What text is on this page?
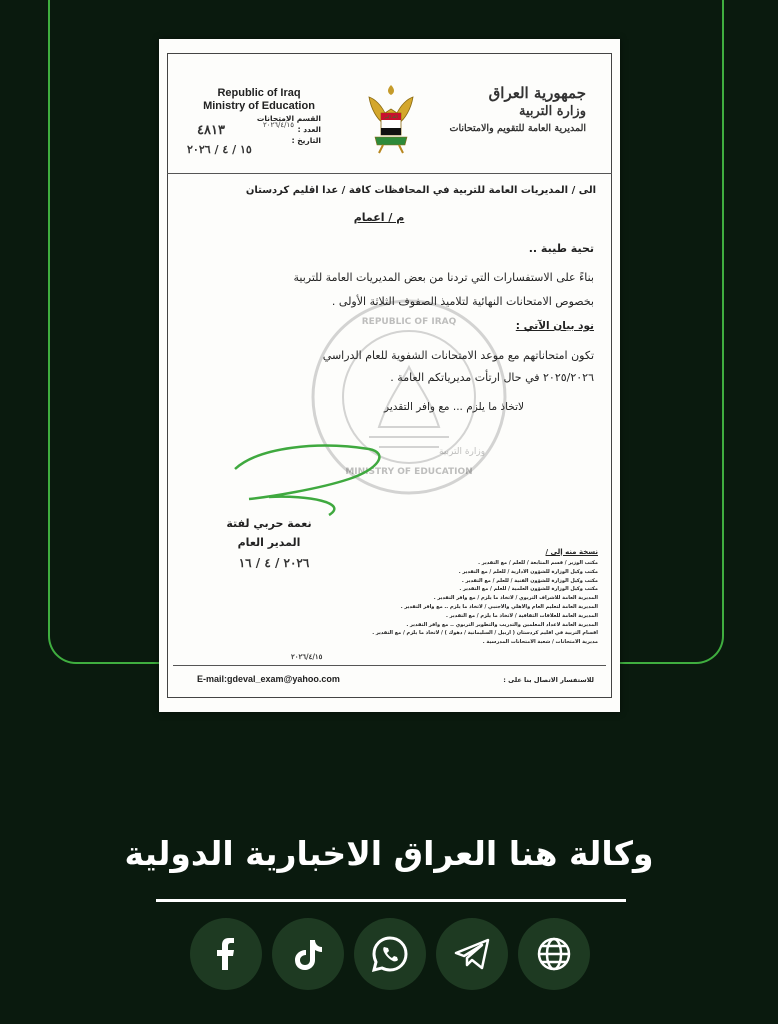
Republic of Iraq
Ministry of Education
القسم الامتحانات
العدد :
التاريخ :
٤٨١٣	٢٠٢٦/٤/١٥
١٥ / ٤ / ٢٠٢٦
الله اكبر
جمهورية العراق
وزارة التربية
المديرية العامة للتقويم والامتحانات
الى / المديريات العامة للتربية في المحافظات كافة / عدا اقليم كردستان
م / اعمام
تحية طيبة ..
بناءً على الاستفسارات التي تردنا من بعض المديريات العامة للتربية
بخصوص الامتحانات النهائية لتلاميذ الصفوف الثلاثة الأولى .
نود بيان الآتي :
تكون امتحاناتهم مع موعد الامتحانات الشفوية للعام الدراسي
٢٠٢٥/٢٠٢٦ في حال ارتأت مديرياتكم العامة .
لاتخاذ ما يلزم ... مع وافر التقدير
REPUBLIC OF IRAQ
MINISTRY OF EDUCATION
وزارة التربية
نعمة حربي لفتة
المدير العام
٢٠٢٦ / ٤ / ١٦
نسخة منه إلى /
مكتب الوزير / قسم المتابعة / للعلم / مع التقدير .
مكتب وكيل الوزارة للشؤون الادارية / للعلم / مع التقدير .
مكتب وكيل الوزارة للشؤون الفنية / للعلم / مع التقدير .
مكتب وكيل الوزارة للشؤون العلمية / للعلم / مع التقدير .
المديرية العامة للاشراف التربوي / لاتخاذ ما يلزم / مع وافر التقدير .
المديرية العامة لتعليم العام والاهلي والاجنبي / لاتخاذ ما يلزم .. مع وافر التقدير .
المديرية العامة للعلاقات الثقافية / لاتخاذ ما يلزم / مع التقدير .
المديرية العامة لاعداد المعلمين والتدريب والتطوير التربوي .. مع وافر التقدير .
اقسام التربية في اقليم كردستان ( اربيل / السليمانية / دهوك ) / لاتخاذ ما يلزم / مع التقدير .
مديرية الامتحانات / شعبة الامتحانات المدرسية .
٢٠٢٦/٤/١٥
E-mail:gdeval_exam@yahoo.com	للاستفسار الاتصال بنا على :
وكالة هنا العراق الاخبارية الدولية
